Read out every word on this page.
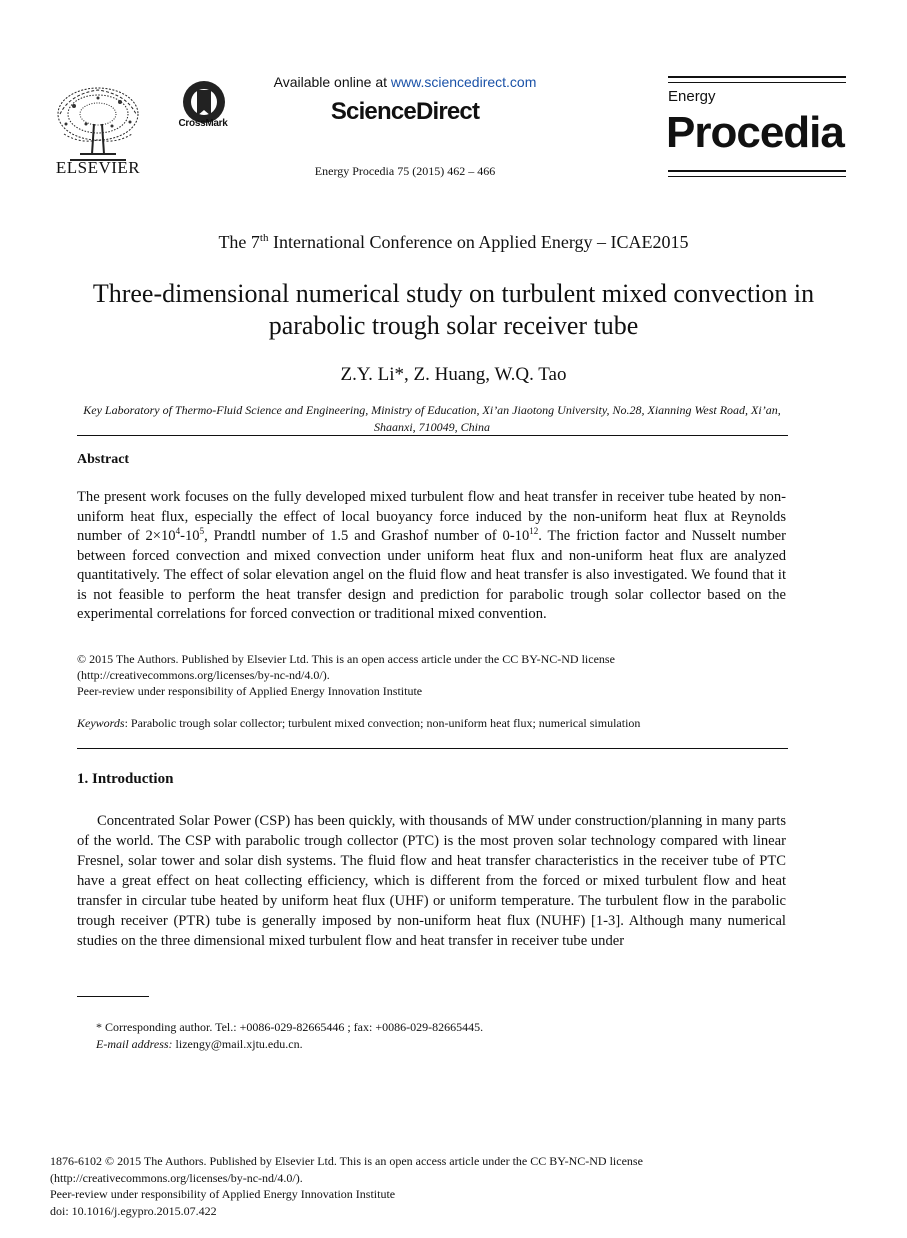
ELSEVIER
CrossMark
Available online at www.sciencedirect.com
ScienceDirect
Energy Procedia 75 (2015) 462 – 466
Energy
Procedia
The 7th International Conference on Applied Energy – ICAE2015
Three-dimensional numerical study on turbulent mixed convection in parabolic trough solar receiver tube
Z.Y. Li*, Z. Huang, W.Q. Tao
Key Laboratory of Thermo-Fluid Science and Engineering, Ministry of Education, Xi’an Jiaotong University, No.28, Xianning West Road, Xi’an, Shaanxi, 710049, China
Abstract
The present work focuses on the fully developed mixed turbulent flow and heat transfer in receiver tube heated by non-uniform heat flux, especially the effect of local buoyancy force induced by the non-uniform heat flux at Reynolds number of $2\times 10^4-10^5$, Prandtl number of 1.5 and Grashof number of $0-10^{12}$. The friction factor and Nusselt number between forced convection and mixed convection under uniform heat flux and non-uniform heat flux are analyzed quantitatively. The effect of solar elevation angel on the fluid flow and heat transfer is also investigated. We found that it is not feasible to perform the heat transfer design and prediction for parabolic trough solar collector based on the experimental correlations for forced convection or traditional mixed convention.
© 2015 The Authors. Published by Elsevier Ltd. This is an open access article under the CC BY-NC-ND license
(http://creativecommons.org/licenses/by-nc-nd/4.0/).
Peer-review under responsibility of Applied Energy Innovation Institute
Keywords: Parabolic trough solar collector; turbulent mixed convection; non-uniform heat flux; numerical simulation
1. Introduction
Concentrated Solar Power (CSP) has been quickly, with thousands of MW under construction/planning in many parts of the world. The CSP with parabolic trough collector (PTC) is the most proven solar technology compared with linear Fresnel, solar tower and solar dish systems. The fluid flow and heat transfer characteristics in the receiver tube of PTC have a great effect on heat collecting efficiency, which is different from the forced or mixed turbulent flow and heat transfer in circular tube heated by uniform heat flux (UHF) or uniform temperature. The turbulent flow in the parabolic trough receiver (PTR) tube is generally imposed by non-uniform heat flux (NUHF) [1-3]. Although many numerical studies on the three dimensional mixed turbulent flow and heat transfer in receiver tube under
* Corresponding author. Tel.: +0086-029-82665446 ; fax: +0086-029-82665445.
E-mail address: lizengy@mail.xjtu.edu.cn.
1876-6102 © 2015 The Authors. Published by Elsevier Ltd. This is an open access article under the CC BY-NC-ND license
(http://creativecommons.org/licenses/by-nc-nd/4.0/).
Peer-review under responsibility of Applied Energy Innovation Institute
doi: 10.1016/j.egypro.2015.07.422
